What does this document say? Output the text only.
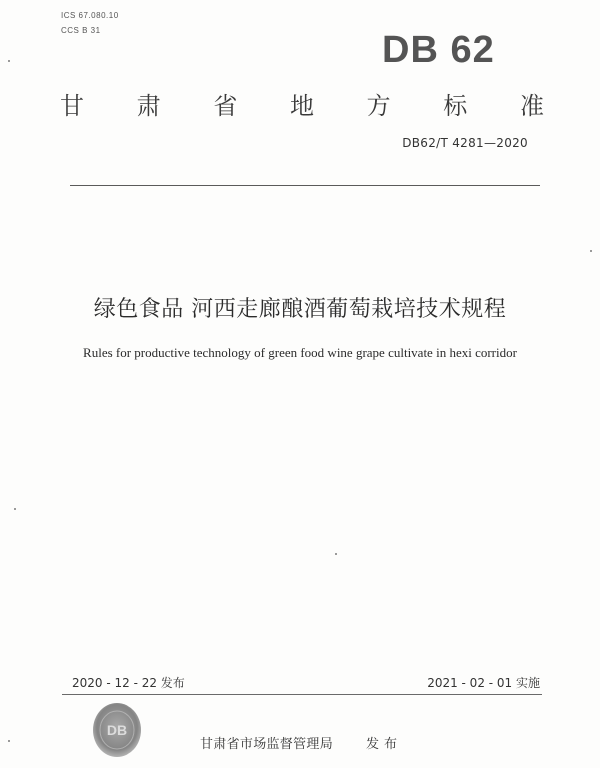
ICS 67.080.10
CCS B 31	DB 62
甘 肃 省 地 方 标 准
DB62/T 4281—2020
绿色食品 河西走廊酿酒葡萄栽培技术规程
Rules for productive technology of green food wine grape cultivate in hexi corridor
2020 - 12 - 22 发布	2021 - 02 - 01 实施
DB
甘肃省市场监督管理局	发布
